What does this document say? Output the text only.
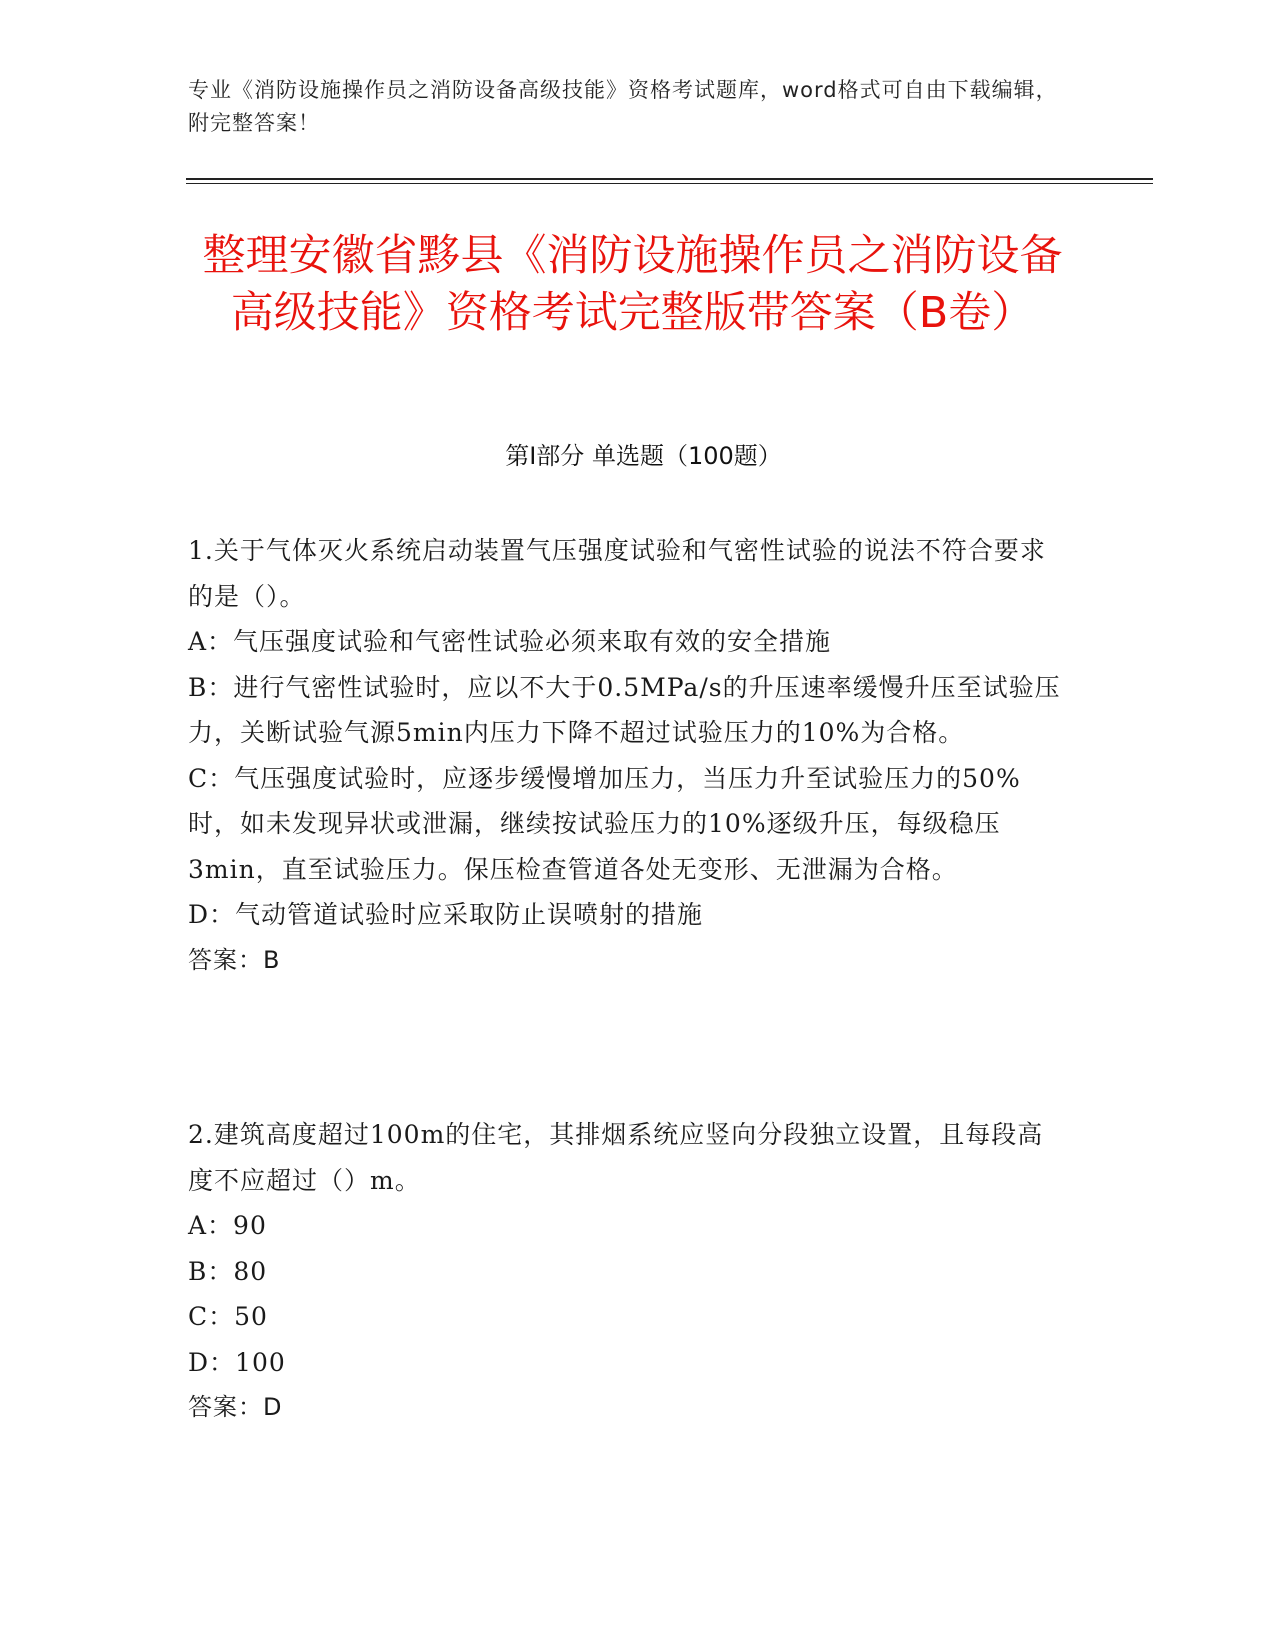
专业《消防设施操作员之消防设备高级技能》资格考试题库，word格式可自由下载编辑，附完整答案！
整理安徽省黟县《消防设施操作员之消防设备高级技能》资格考试完整版带答案（B卷）
第I部分 单选题（100题）

1.关于气体灭火系统启动装置气压强度试验和气密性试验的说法不符合要求的是（）。

A：气压强度试验和气密性试验必须来取有效的安全措施

B：进行气密性试验时，应以不大于0.5MPa/s的升压速率缓慢升压至试验压力，关断试验气源5min内压力下降不超过试验压力的10%为合格。

C：气压强度试验时，应逐步缓慢增加压力，当压力升至试验压力的50%时，如未发现异状或泄漏，继续按试验压力的10%逐级升压，每级稳压3min，直至试验压力。保压检查管道各处无变形、无泄漏为合格。

D：气动管道试验时应采取防止误喷射的措施

答案：B

2.建筑高度超过100m的住宅，其排烟系统应竖向分段独立设置，且每段高度不应超过（）m。

A：90

B：80

C：50

D：100

答案：D
